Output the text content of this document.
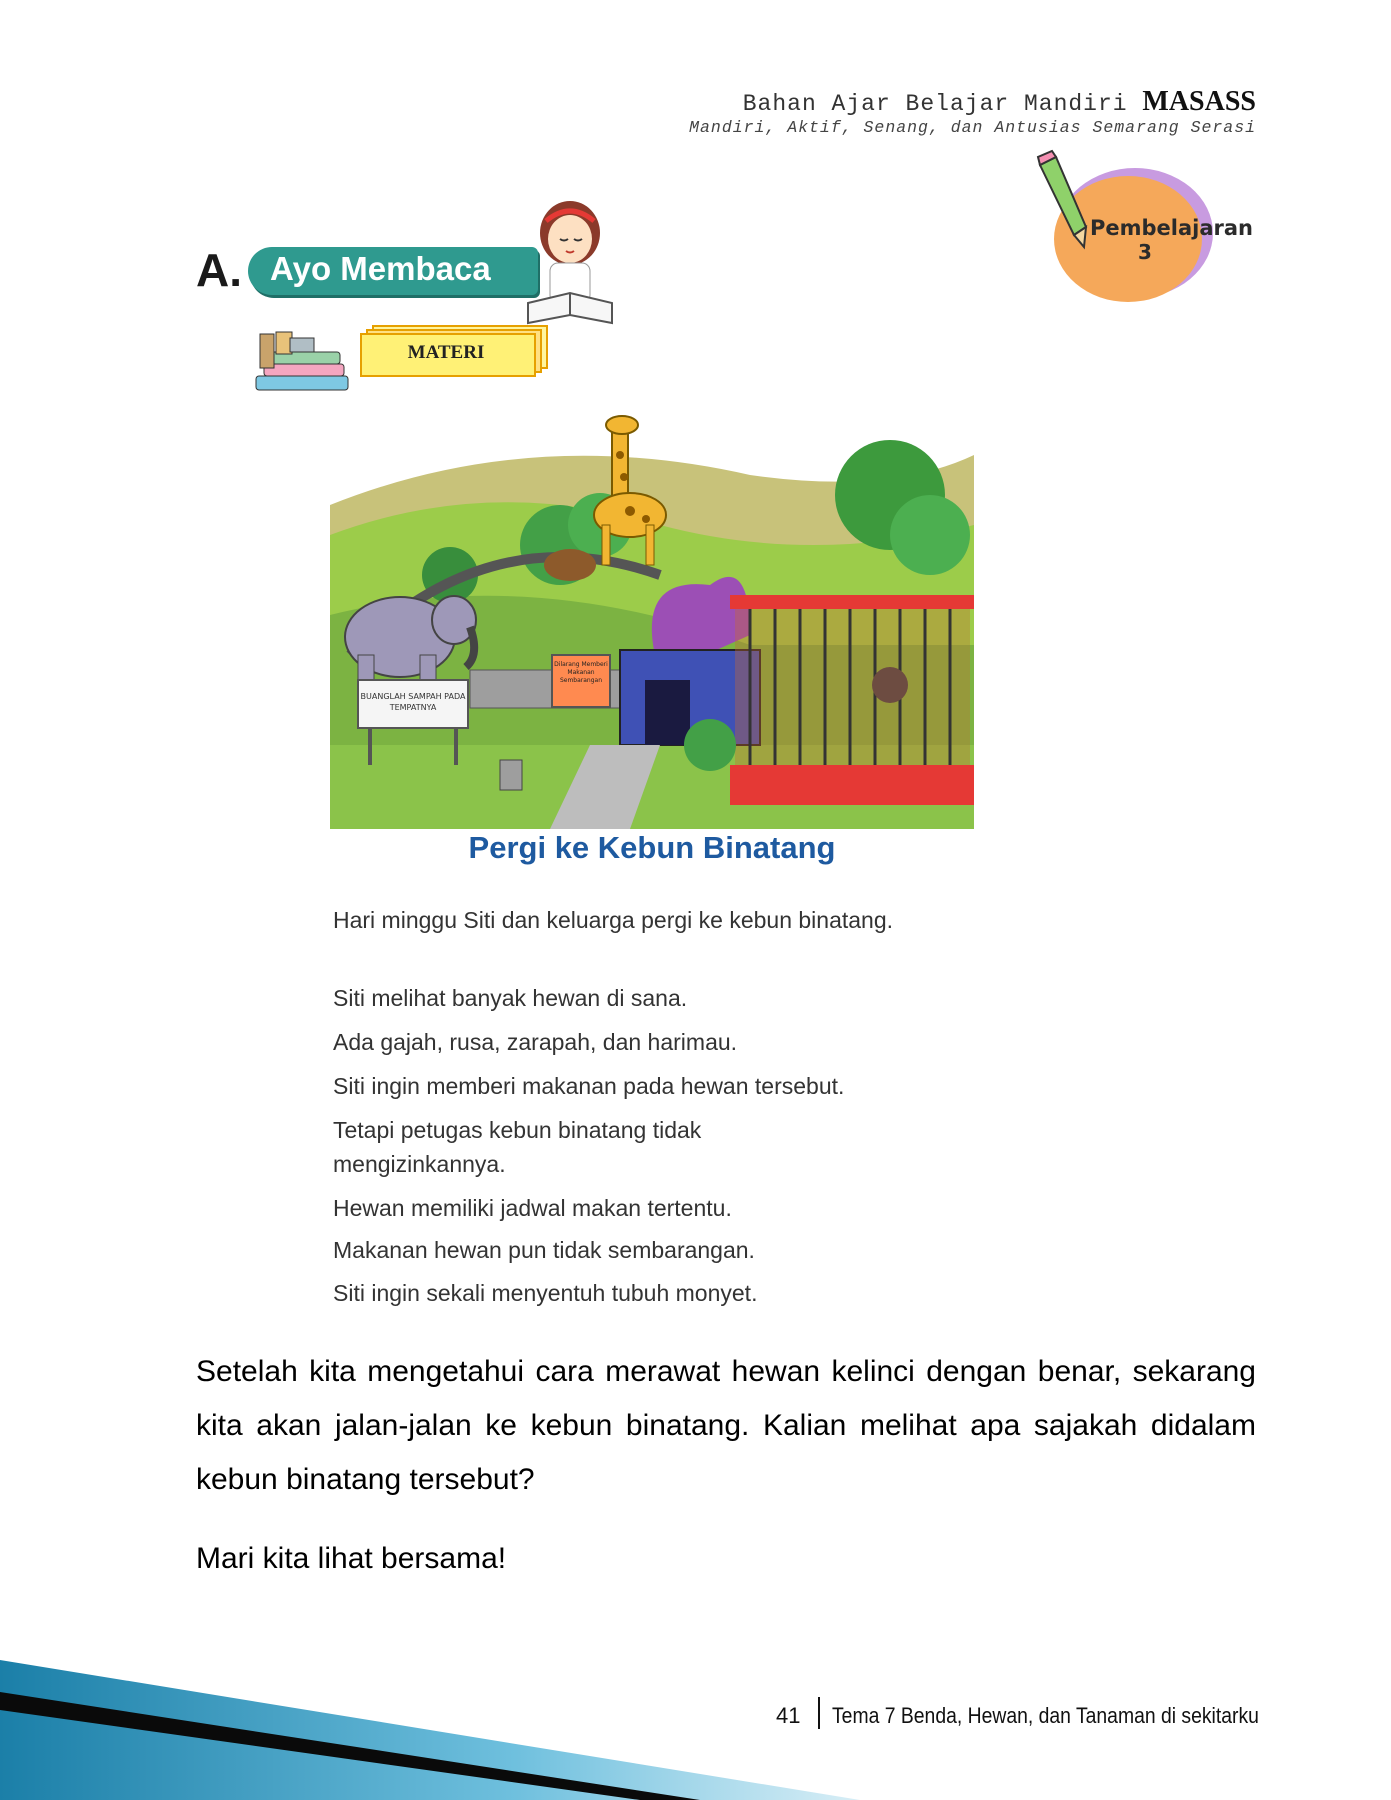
Bahan Ajar Belajar Mandiri MASASS
Mandiri, Aktif, Senang, dan Antusias Semarang Serasi
Pembelajaran
3
A. Ayo Membaca
MATERI
BUANGLAH SAMPAH PADA TEMPATNYA
Dilarang Memberi Makanan Sembarangan
Pergi ke Kebun Binatang
Hari minggu Siti dan keluarga pergi ke kebun binatang.
Siti melihat banyak hewan di sana.
Ada gajah, rusa, zarapah, dan harimau.
Siti ingin memberi makanan pada hewan tersebut.
Tetapi petugas kebun binatang tidak mengizinkannya.
Hewan memiliki jadwal makan tertentu.
Makanan hewan pun tidak sembarangan.
Siti ingin sekali menyentuh tubuh monyet.
Setelah kita mengetahui cara merawat hewan kelinci dengan benar, sekarang kita akan jalan-jalan ke kebun binatang. Kalian melihat apa sajakah didalam kebun binatang tersebut?
Mari kita lihat bersama!
41 Tema 7 Benda, Hewan, dan Tanaman di sekitarku
